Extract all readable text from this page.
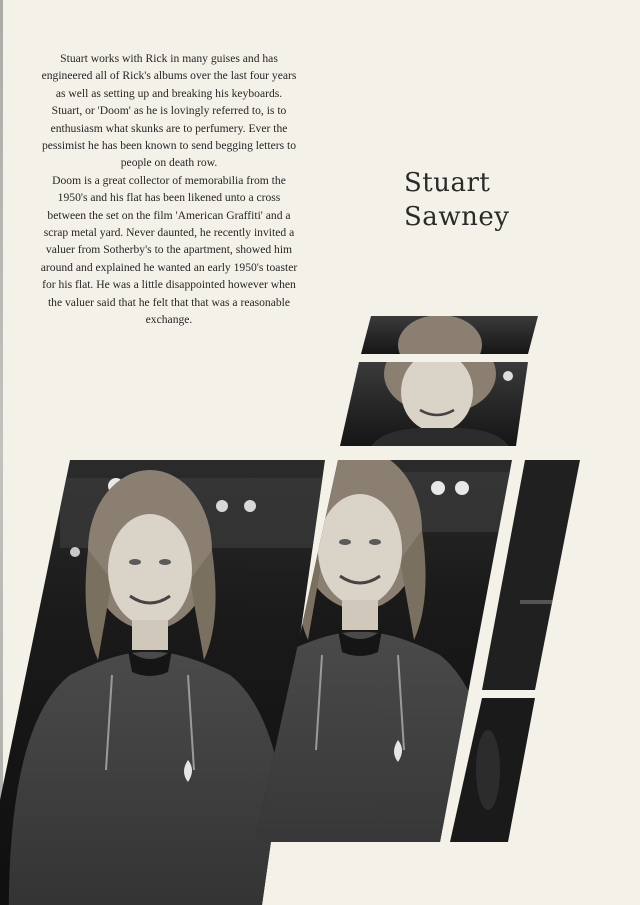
Stuart works with Rick in many guises and has engineered all of Rick's albums over the last four years as well as setting up and breaking his keyboards.

Stuart, or 'Doom' as he is lovingly referred to, is to enthusiasm what skunks are to perfumery. Ever the pessimist he has been known to send begging letters to people on death row.

Doom is a great collector of memorabilia from the 1950's and his flat has been likened unto a cross between the set on the film 'American Graffiti' and a scrap metal yard. Never daunted, he recently invited a valuer from Sotherby's to the apartment, showed him around and explained he wanted an early 1950's toaster for his flat. He was a little disappointed however when the valuer said that he felt that that was a reasonable exchange.

Stuart
Sawney
